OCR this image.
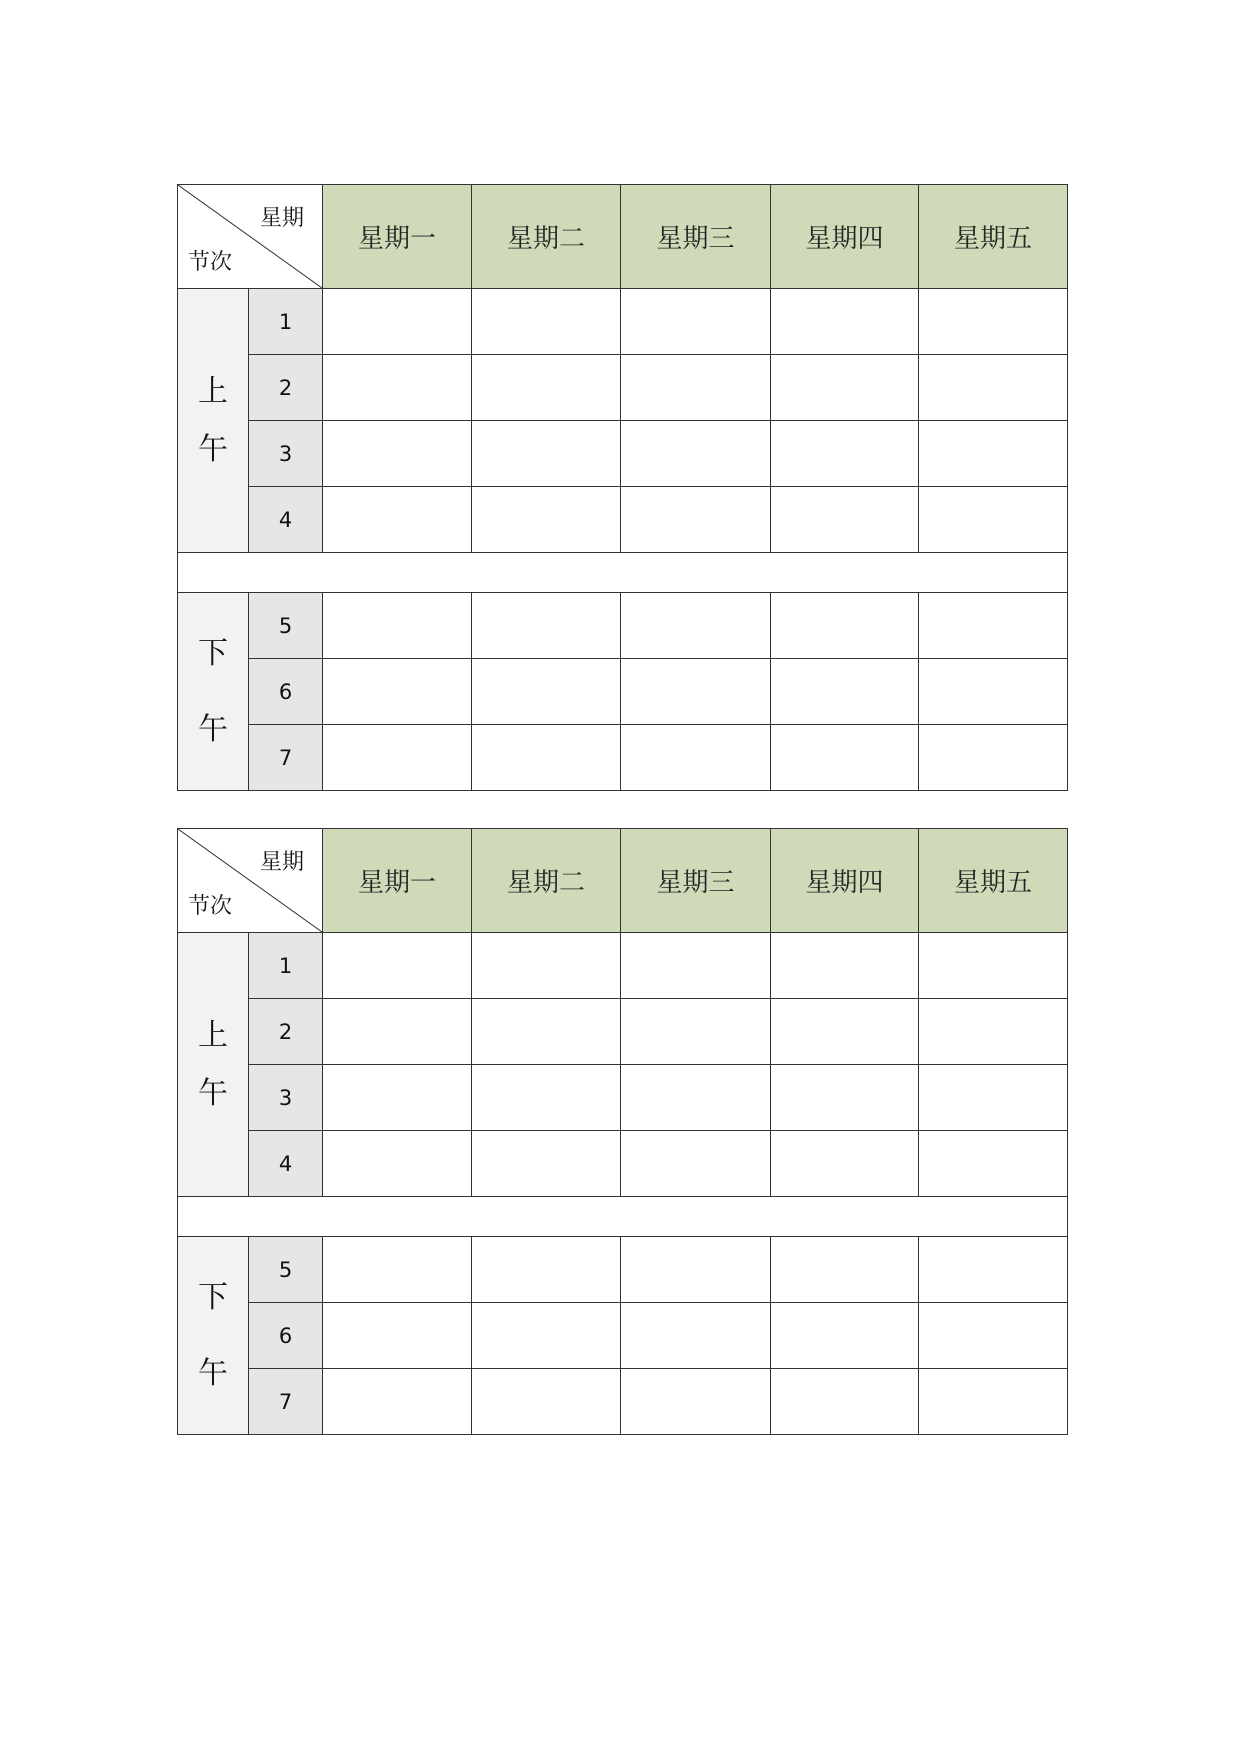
星期
节次		星期一	星期二	星期三	星期四	星期五

上
午	1					
	2					
	3					
	4					

下
午	5					
	6					
	7					
星期
节次		星期一	星期二	星期三	星期四	星期五

上
午	1					
	2					
	3					
	4					

下
午	5					
	6					
	7					
